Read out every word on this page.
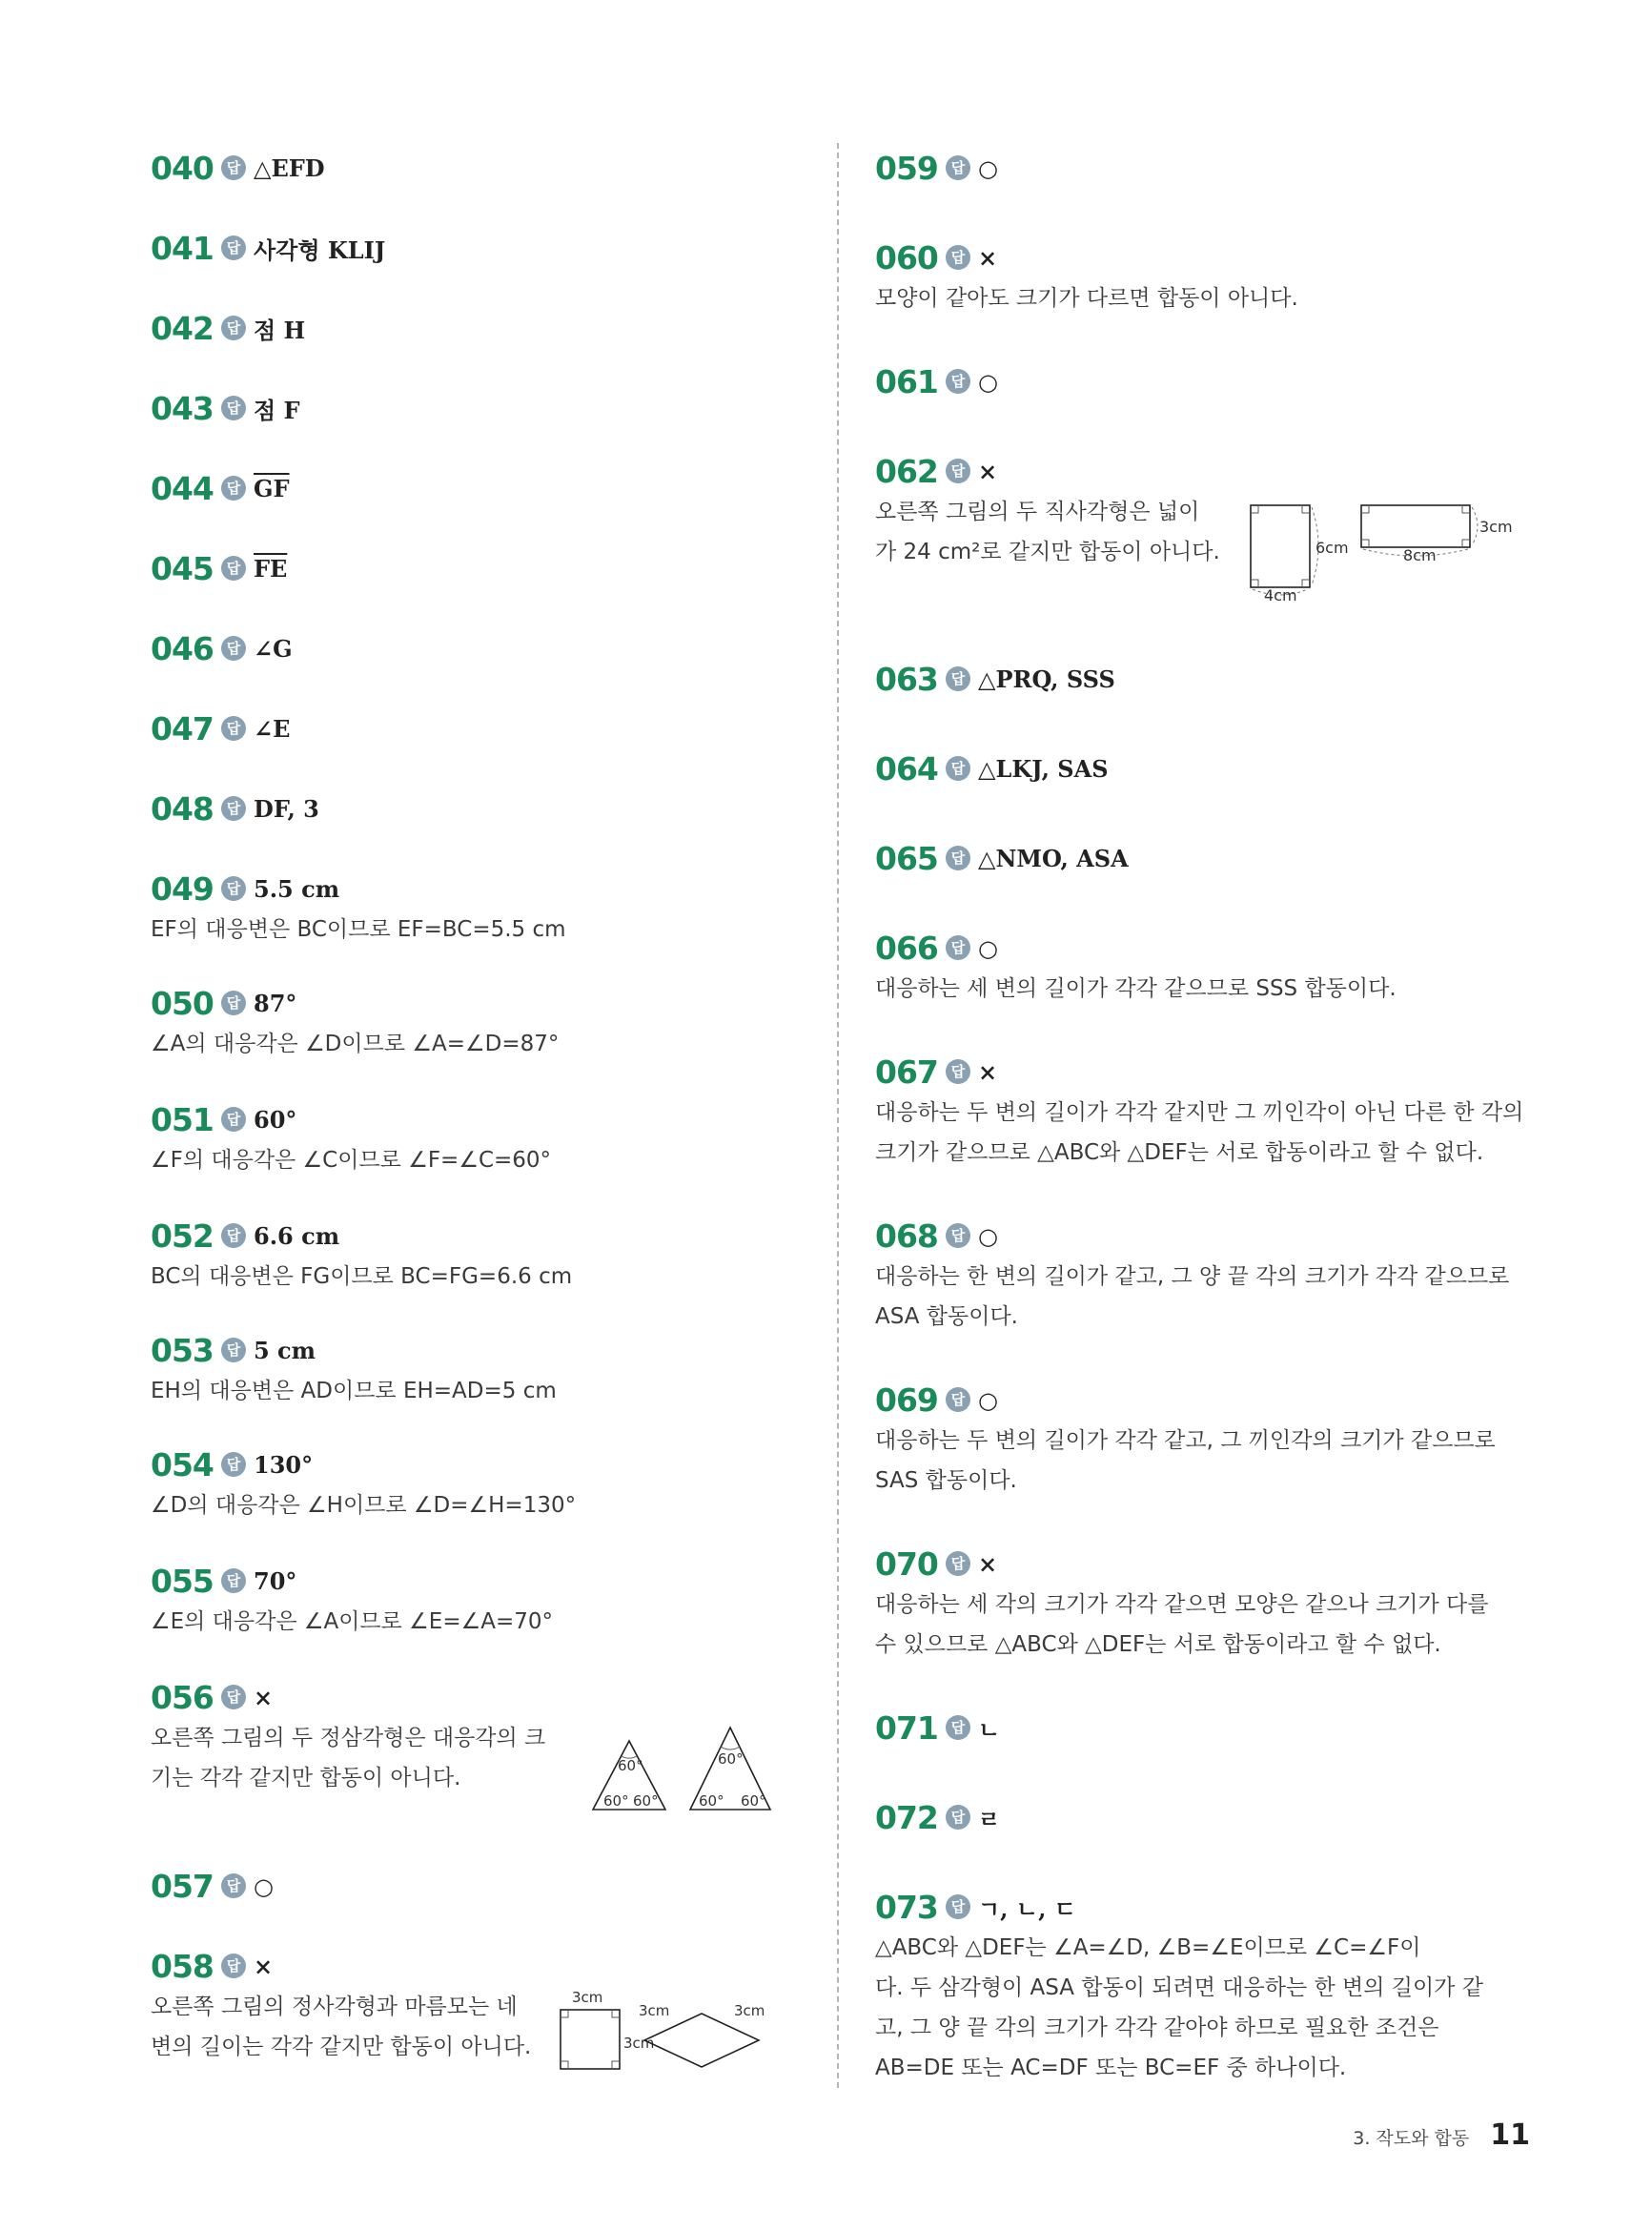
040 답 △EFD
041 답 사각형 KLIJ
042 답 점 H
043 답 점 F
044 답 $\overline{GF}$
045 답 $\overline{FE}$
046 답 ∠G
047 답 ∠E
048 답 DF, 3
049 답 5.5 cm
EF의 대응변은 BC이므로 EF=BC=5.5 cm
050 답 87°
∠A의 대응각은 ∠D이므로 ∠A=∠D=87°
051 답 60°
∠F의 대응각은 ∠C이므로 ∠F=∠C=60°
052 답 6.6 cm
BC의 대응변은 FG이므로 BC=FG=6.6 cm
053 답 5 cm
EH의 대응변은 AD이므로 EH=AD=5 cm
054 답 130°
∠D의 대응각은 ∠H이므로 ∠D=∠H=130°
055 답 70°
∠E의 대응각은 ∠A이므로 ∠E=∠A=70°
056 답 ×
오른쪽 그림의 두 정삼각형은 대응각의 크
기는 각각 같지만 합동이 아니다.	60°
60° 60°
60°
60° 60°
057 답 ○
058 답 ×
오른쪽 그림의 정사각형과 마름모는 네
변의 길이는 각각 같지만 합동이 아니다.
3cm
3cm
3cm	3cm
059 답 ○
060 답 ×
모양이 같아도 크기가 다르면 합동이 아니다.
061 답 ○
062 답 ×
오른쪽 그림의 두 직사각형은 넓이
가 24 cm²로 같지만 합동이 아니다.	6cm
4cm
3cm
8cm
063 답 △PRQ, SSS
064 답 △LKJ, SAS
065 답 △NMO, ASA
066 답 ○
대응하는 세 변의 길이가 각각 같으므로 SSS 합동이다.
067 답 ×
대응하는 두 변의 길이가 각각 같지만 그 끼인각이 아닌 다른 한 각의
크기가 같으므로 △ABC와 △DEF는 서로 합동이라고 할 수 없다.
068 답 ○
대응하는 한 변의 길이가 같고, 그 양 끝 각의 크기가 각각 같으므로
ASA 합동이다.
069 답 ○
대응하는 두 변의 길이가 각각 같고, 그 끼인각의 크기가 같으므로
SAS 합동이다.
070 답 ×
대응하는 세 각의 크기가 각각 같으면 모양은 같으나 크기가 다를
수 있으므로 △ABC와 △DEF는 서로 합동이라고 할 수 없다.
071 답 ㄴ
072 답 ㄹ
073 답 ㄱ, ㄴ, ㄷ
△ABC와 △DEF는 ∠A=∠D, ∠B=∠E이므로 ∠C=∠F이
다. 두 삼각형이 ASA 합동이 되려면 대응하는 한 변의 길이가 같
고, 그 양 끝 각의 크기가 각각 같아야 하므로 필요한 조건은
AB=DE 또는 AC=DF 또는 BC=EF 중 하나이다.
3. 작도와 합동 11
